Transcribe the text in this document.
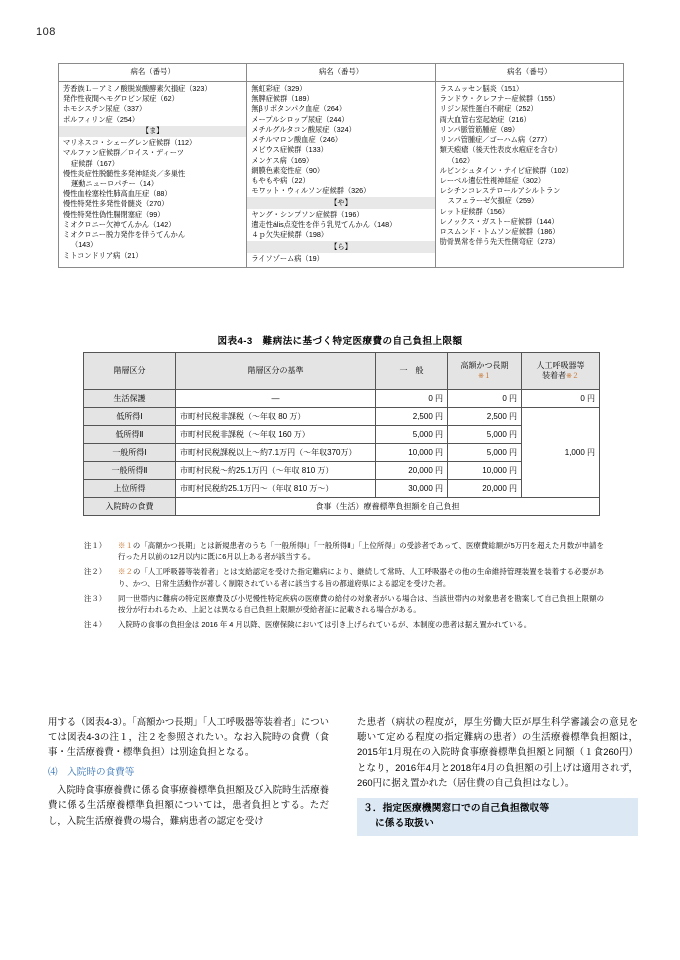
108
病名（番号）	病名（番号）	病名（番号）

芳香族Ｌ－アミノ酸脱炭酸酵素欠損症（323）
発作性夜間ヘモグロビン尿症（62）
ホモシスチン尿症（337）
ポルフィリン症（254）
【ま】
マリネスコ・シェーグレン症候群（112）
マルファン症候群／ロイス・ディーツ
症候群（167）
慢性炎症性脱髄性多発神経炎／多巣性
運動ニューロパチー（14）
慢性血栓塞栓性肺高血圧症（88）
慢性特発性多発性骨髄炎（270）
慢性特発性偽性腸閉塞症（99）
ミオクロニー欠神てんかん（142）
ミオクロニー脱力発作を伴うてんかん
（143）
ミトコンドリア病（21）

無虹彩症（329）
無脾症候群（189）
無βリポタンパク血症（264）
メープルシロップ尿症（244）
メチルグルタコン酸尿症（324）
メチルマロン酸血症（246）
メビウス症候群（133）
メンケス病（169）
網膜色素変性症（90）
もやもや病（22）
モワット・ウィルソン症候群（326）
【や】
ヤング・シンプソン症候群（196）
遺走性ális点変性を伴う乳児てんかん（148）
４ｐ欠失症候群（198）
【ら】
ライソゾーム病（19）

ラスムッセン脳炎（151）
ランドウ・クレフナー症候群（155）
リジン尿性蛋白不耐症（252）
両大血管右室起始症（216）
リンパ脈管筋腫症（89）
リンパ管腫症／ゴーハム病（277）
類天疱瘡（後天性表皮水疱症を含む）
（162）
ルビンシュタイン・テイビ症候群（102）
レーベル遺伝性視神経症（302）
レシチンコレステロールアシルトラン
スフェラーゼ欠損症（259）
レット症候群（156）
レノックス・ガストー症候群（144）
ロスムンド・トムソン症候群（186）
肋骨異常を伴う先天性側弯症（273）
図表4-3　難病法に基づく特定医療費の自己負担上限額
階層区分	階層区分の基準	一　般	高額かつ長期
※１	人工呼吸器等
装着者※２
生活保護	—	0 円	0 円	0 円
低所得Ⅰ	市町村民税非課税（〜年収 80 万）	2,500 円	2,500 円	1,000 円
低所得Ⅱ	市町村民税非課税（〜年収 160 万）	5,000 円	5,000 円	
一般所得Ⅰ	市町村民税課税以上〜約7.1万円（〜年収370万）	10,000 円	5,000 円	
一般所得Ⅱ	市町村民税〜約25.1万円（〜年収 810 万）	20,000 円	10,000 円	
上位所得	市町村民税約25.1万円〜（年収 810 万〜）	30,000 円	20,000 円	
入院時の食費	食事（生活）療養標準負担額を自己負担			
注１）	※１の「高額かつ長期」とは新規患者のうち「一般所得Ⅰ」「一般所得Ⅱ」「上位所得」の受診者であって、医療費総額が5万円を超えた月数が申請を行った月以前の12月以内に既に6月以上ある者が該当する。
注２）	※２の「人工呼吸器等装着者」とは支給認定を受けた指定難病により、継続して常時、人工呼吸器その他の生命維持管理装置を装着する必要があり、かつ、日常生活動作が著しく制限されている者に該当する旨の都道府県による認定を受けた者。
注３）	同一世帯内に難病の特定医療費及び小児慢性特定疾病の医療費の給付の対象者がいる場合は、当該世帯内の対象患者を勘案して自己負担上限額の按分が行われるため、上記とは異なる自己負担上限額が受給者証に記載される場合がある。
注４）	入院時の食事の負担金は 2016 年 4 月以降、医療保険においては引き上げられているが、本制度の患者は据え置かれている。

用する（図表4-3）。「高額かつ長期」「人工呼吸器等装着者」については図表4-3の注１，注２を参照されたい。なお入院時の食費（食事・生活療養費・標準負担）は別途負担となる。

⑷　入院時の食費等

入院時食事療養費に係る食事療養標準負担額及び入院時生活療養費に係る生活療養標準負担額については，患者負担とする。ただし，入院生活療養費の場合，難病患者の認定を受け

た患者（病状の程度が，厚生労働大臣が厚生科学審議会の意見を聴いて定める程度の指定難病の患者）の生活療養標準負担額は，2015年1月現在の入院時食事療養標準負担額と同額（１食260円）となり，2016年4月と2018年4月の負担額の引上げは適用されず，260円に据え置かれた（居住費の自己負担はなし）。

３．指定医療機関窓口での自己負担徴収等
に係る取扱い
